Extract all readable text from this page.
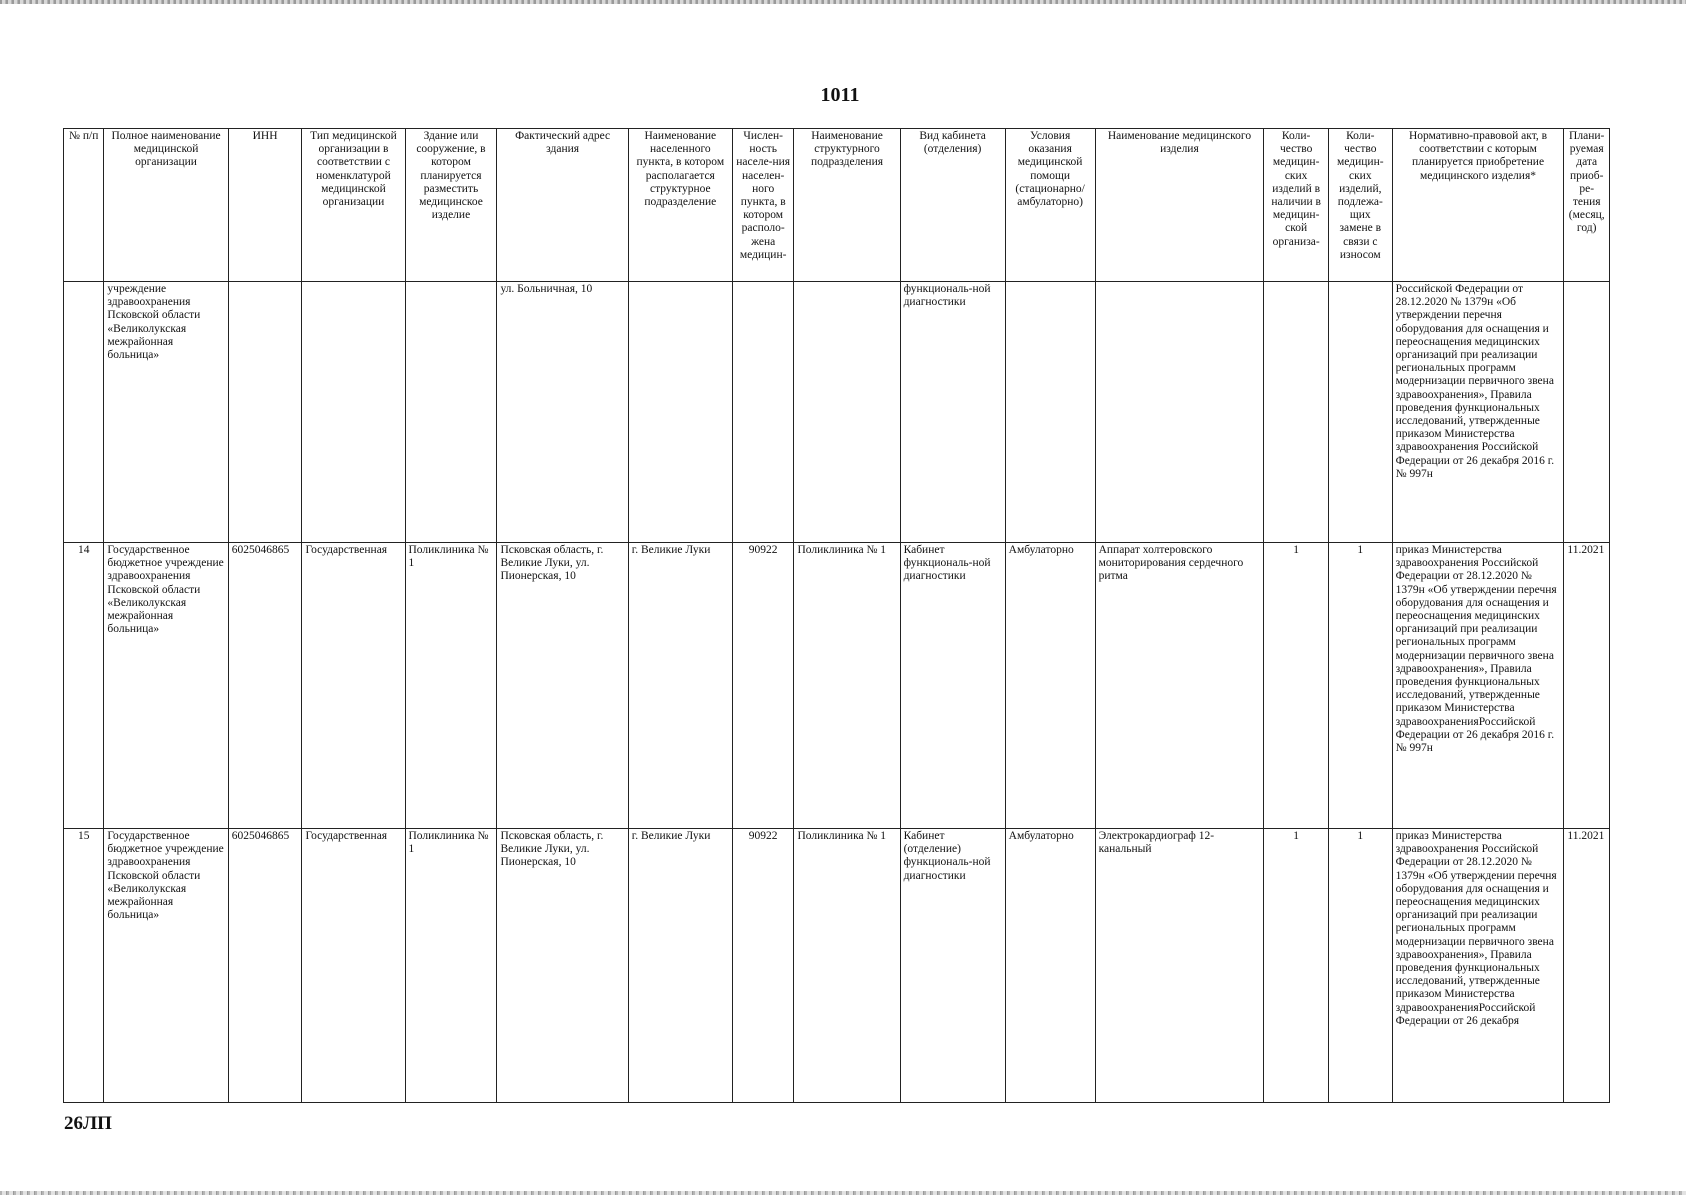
1011
№ п/п	Полное наименование медицинской организации	ИНН	Тип медицинской организации в соответствии с номенклатурой медицинской организации	Здание или сооружение, в котором планируется разместить медицинское изделие	Фактический адрес здания	Наименование населенного пункта, в котором располагается структурное подразделение	Числен-ность населе-ния населен-ного пункта, в котором располо-жена медицин-	Наименование структурного подразделения	Вид кабинета (отделения)	Условия оказания медицинской помощи (стационарно/ амбулаторно)	Наименование медицинского изделия	Коли-чество медицин-ских изделий в наличии в медицин-ской организа-	Коли-чество медицин-ских изделий, подлежа-щих замене в связи с износом	Нормативно-правовой акт, в соответствии с которым планируется приобретение медицинского изделия*	Плани-руемая дата приоб-ре-тения (месяц, год)

	учреждение здравоохранения Псковской области «Великолукская межрайонная больница»				ул. Больничная, 10				функциональ-ной диагностики					Российской Федерации от 28.12.2020 № 1379н «Об утверждении перечня оборудования для оснащения и переоснащения медицинских организаций при реализации региональных программ модернизации первичного звена здравоохранения», Правила проведения функциональных исследований, утвержденные приказом Министерства здравоохранения Российской Федерации от 26 декабря 2016 г. № 997н	

14	Государственное бюджетное учреждение здравоохранения Псковской области «Великолукская межрайонная больница»	6025046865	Государственная	Поликлиника № 1	Псковская область, г. Великие Луки, ул. Пионерская, 10	г. Великие Луки	90922	Поликлиника № 1	Кабинет функциональ-ной диагностики	Амбулаторно	Аппарат холтеровского мониторирования сердечного ритма	1	1	приказ Министерства здравоохранения Российской Федерации от 28.12.2020 № 1379н «Об утверждении перечня оборудования для оснащения и переоснащения медицинских организаций при реализации региональных программ модернизации первичного звена здравоохранения», Правила проведения функциональных исследований, утвержденные приказом Министерства здравоохраненияРоссийской Федерации от 26 декабря 2016 г. № 997н	11.2021
15	Государственное бюджетное учреждение здравоохранения Псковской области «Великолукская межрайонная больница»	6025046865	Государственная	Поликлиника № 1	Псковская область, г. Великие Луки, ул. Пионерская, 10	г. Великие Луки	90922	Поликлиника № 1	Кабинет (отделение) функциональ-ной диагностики	Амбулаторно	Электрокардиограф 12-канальный	1	1	приказ Министерства здравоохранения Российской Федерации от 28.12.2020 № 1379н «Об утверждении перечня оборудования для оснащения и переоснащения медицинских организаций при реализации региональных программ модернизации первичного звена здравоохранения», Правила проведения функциональных исследований, утвержденные приказом Министерства здравоохраненияРоссийской Федерации от 26 декабря	11.2021
26ЛП
